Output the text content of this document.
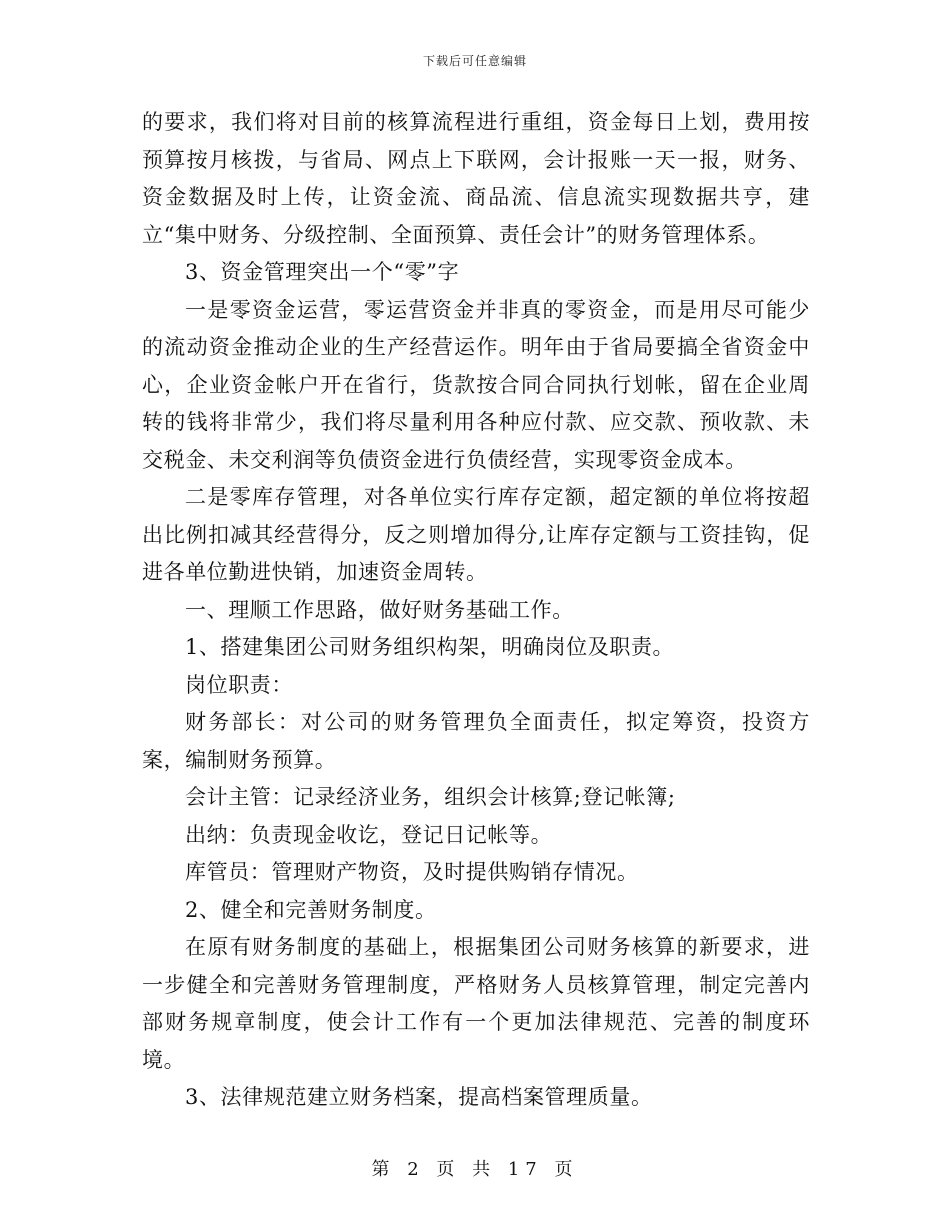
下载后可任意编辑

的要求，我们将对目前的核算流程进行重组，资金每日上划，费用按预算按月核拨，与省局、网点上下联网，会计报账一天一报，财务、资金数据及时上传，让资金流、商品流、信息流实现数据共亨，建立“集中财务、分级控制、全面预算、责任会计”的财务管理体系。

3、资金管理突出一个“零”字

一是零资金运营，零运营资金并非真的零资金，而是用尽可能少的流动资金推动企业的生产经营运作。明年由于省局要搞全省资金中心，企业资金帐户开在省行，货款按合同合同执行划帐，留在企业周转的钱将非常少，我们将尽量利用各种应付款、应交款、预收款、未交税金、未交利润等负债资金进行负债经营，实现零资金成本。

二是零库存管理，对各单位实行库存定额，超定额的单位将按超出比例扣减其经营得分，反之则增加得分,让库存定额与工资挂钩，促进各单位勤进快销，加速资金周转。

一、理顺工作思路，做好财务基础工作。

1、搭建集团公司财务组织构架，明确岗位及职责。

岗位职责：

财务部长：对公司的财务管理负全面责任，拟定筹资，投资方案，编制财务预算。

会计主管：记录经济业务，组织会计核算;登记帐簿;

出纳：负责现金收讫，登记日记帐等。

库管员：管理财产物资，及时提供购销存情况。

2、健全和完善财务制度。

在原有财务制度的基础上，根据集团公司财务核算的新要求，进一步健全和完善财务管理制度，严格财务人员核算管理，制定完善内部财务规章制度，使会计工作有一个更加法律规范、完善的制度环境。

3、法律规范建立财务档案，提高档案管理质量。

第 2 页 共 17 页
